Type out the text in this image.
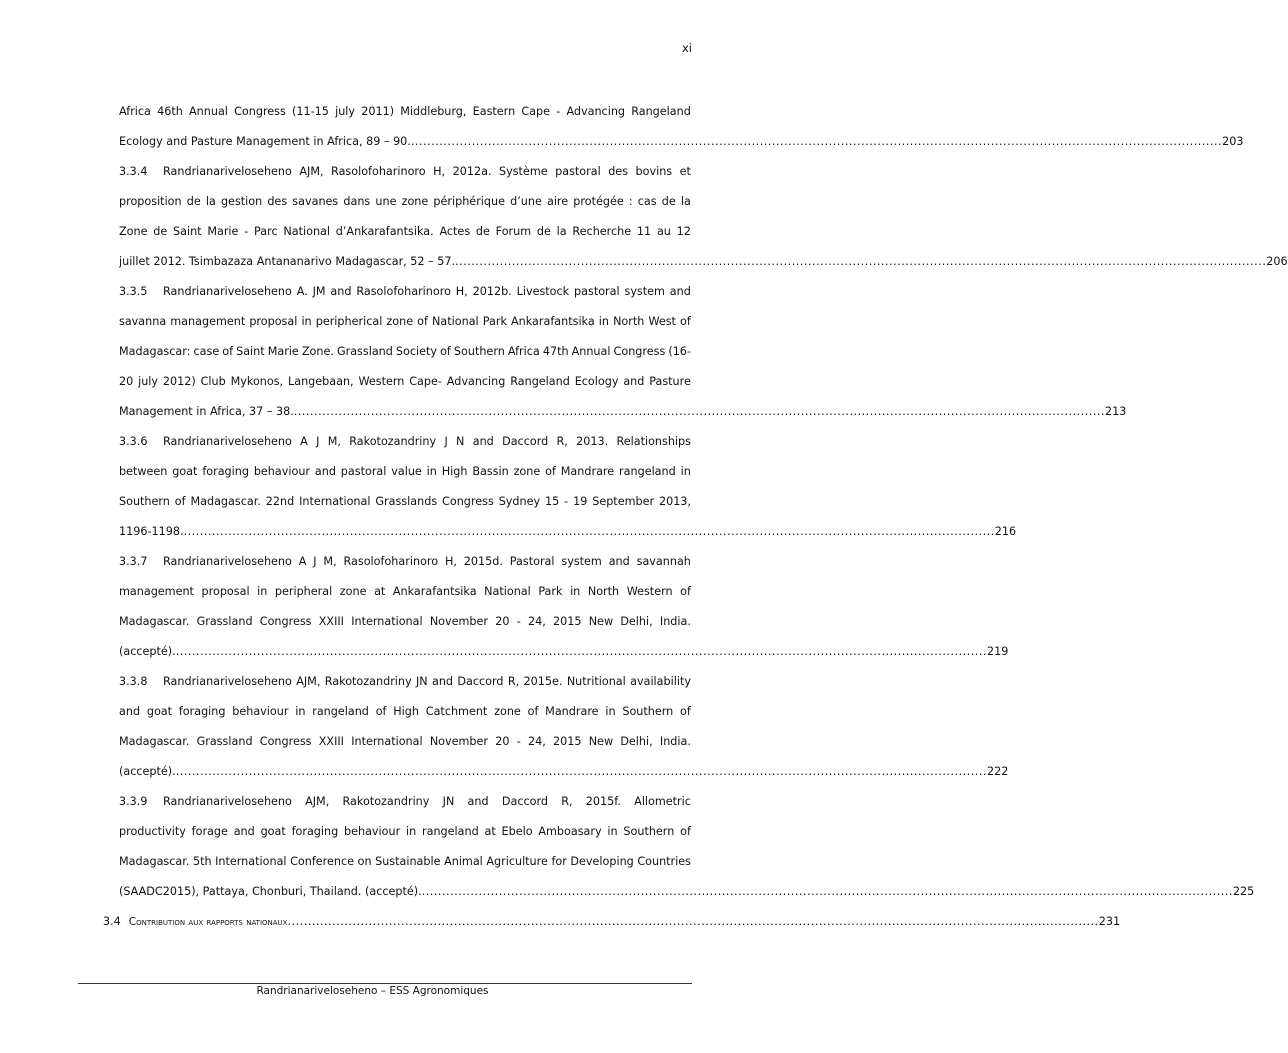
xi
Africa 46th Annual Congress (11-15 july 2011) Middleburg, Eastern Cape - Advancing Rangeland
Ecology and Pasture Management in Africa, 89 – 90. ........................................................................................................................................................................................................ 203
3.3.4	Randrianariveloseheno AJM, Rasolofoharinoro H, 2012a. Système pastoral des bovins et
proposition de la gestion des savanes dans une zone périphérique d’une aire protégée : cas de la
Zone de Saint Marie - Parc National d’Ankarafantsika. Actes de Forum de la Recherche 11 au 12
juillet 2012. Tsimbazaza Antananarivo Madagascar, 52 – 57. ........................................................................................................................................................................................................ 206
3.3.5	Randrianariveloseheno A. JM and Rasolofoharinoro H, 2012b. Livestock pastoral system and
savanna management proposal in peripherical zone of National Park Ankarafantsika in North West of
Madagascar: case of Saint Marie Zone. Grassland Society of Southern Africa 47th Annual Congress (16-
20 july 2012) Club Mykonos, Langebaan, Western Cape- Advancing Rangeland Ecology and Pasture
Management in Africa, 37 – 38. ........................................................................................................................................................................................................ 213
3.3.6	Randrianariveloseheno A J M, Rakotozandriny J N and Daccord R, 2013. Relationships
between goat foraging behaviour and pastoral value in High Bassin zone of Mandrare rangeland in
Southern of Madagascar. 22nd International Grasslands Congress Sydney 15 - 19 September 2013,
1196-1198. ........................................................................................................................................................................................................ 216
3.3.7	Randrianariveloseheno A J M, Rasolofoharinoro H, 2015d. Pastoral system and savannah
management proposal in peripheral zone at Ankarafantsika National Park in North Western of
Madagascar. Grassland Congress XXIII International November 20 - 24, 2015 New Delhi, India.
(accepté). ........................................................................................................................................................................................................ 219
3.3.8	Randrianariveloseheno AJM, Rakotozandriny JN and Daccord R, 2015e. Nutritional availability
and goat foraging behaviour in rangeland of High Catchment zone of Mandrare in Southern of
Madagascar. Grassland Congress XXIII International November 20 - 24, 2015 New Delhi, India.
(accepté). ........................................................................................................................................................................................................ 222
3.3.9	Randrianariveloseheno AJM, Rakotozandriny JN and Daccord R, 2015f. Allometric
productivity forage and goat foraging behaviour in rangeland at Ebelo Amboasary in Southern of
Madagascar. 5th International Conference on Sustainable Animal Agriculture for Developing Countries
(SAADC2015), Pattaya, Chonburi, Thailand. (accepté). ........................................................................................................................................................................................................ 225
3.4 Contribution aux rapports nationaux ........................................................................................................................................................................................................ 231
Randrianariveloseheno – ESS Agronomiques
